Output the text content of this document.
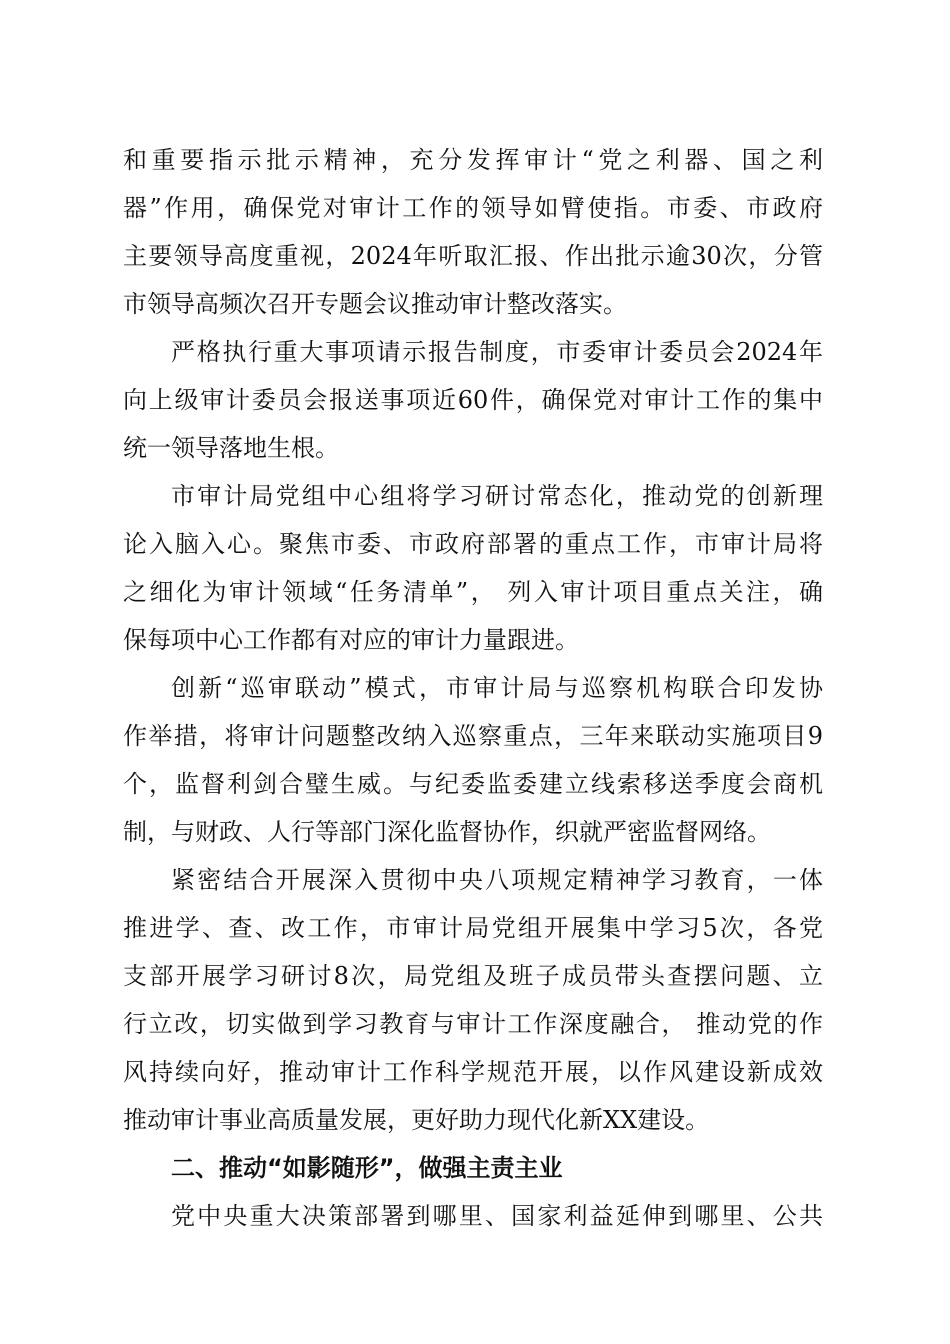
和重要指示批示精神，充分发挥审计“党之利器、国之利
器”作用，确保党对审计工作的领导如臂使指。市委、市政府
主要领导高度重视，2024年听取汇报、作出批示逾30次，分管
市领导高频次召开专题会议推动审计整改落实。
严格执行重大事项请示报告制度，市委审计委员会2024年
向上级审计委员会报送事项近60件，确保党对审计工作的集中
统一领导落地生根。
市审计局党组中心组将学习研讨常态化，推动党的创新理
论入脑入心。聚焦市委、市政府部署的重点工作，市审计局将
之细化为审计领域“任务清单”， 列入审计项目重点关注，确
保每项中心工作都有对应的审计力量跟进。
创新“巡审联动”模式，市审计局与巡察机构联合印发协
作举措，将审计问题整改纳入巡察重点，三年来联动实施项目9
个，监督利剑合璧生威。与纪委监委建立线索移送季度会商机
制，与财政、人行等部门深化监督协作，织就严密监督网络。
紧密结合开展深入贯彻中央八项规定精神学习教育，一体
推进学、查、改工作，市审计局党组开展集中学习5次，各党
支部开展学习研讨8次，局党组及班子成员带头查摆问题、立
行立改，切实做到学习教育与审计工作深度融合， 推动党的作
风持续向好，推动审计工作科学规范开展，以作风建设新成效
推动审计事业高质量发展，更好助力现代化新XX建设。
二、推动“如影随形”，做强主责主业
党中央重大决策部署到哪里、国家利益延伸到哪里、公共
